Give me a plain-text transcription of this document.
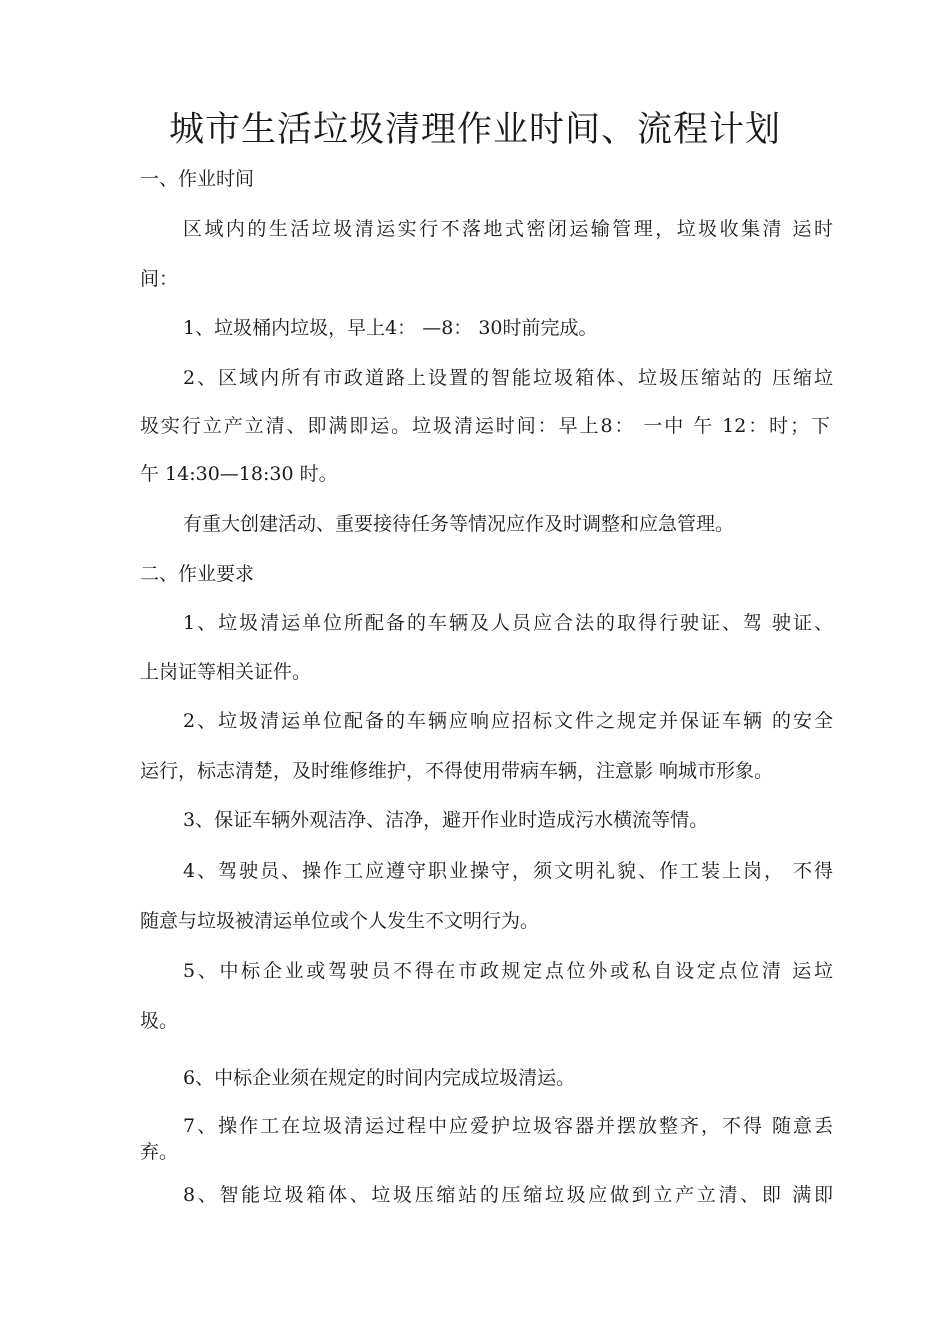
城市生活垃圾清理作业时间、流程计划
一、作业时间
区域内的生活垃圾清运实行不落地式密闭运输管理，垃圾收集清 运时
间：
1、垃圾桶内垃圾，早上4： —8： 30时前完成。
2、区域内所有市政道路上设置的智能垃圾箱体、垃圾压缩站的 压缩垃
圾实行立产立清、即满即运。垃圾清运时间：早上8： 一中 午 12：时；下
午 14:30—18:30 时。
有重大创建活动、重要接待任务等情况应作及时调整和应急管理。
二、作业要求
1、垃圾清运单位所配备的车辆及人员应合法的取得行驶证、驾 驶证、
上岗证等相关证件。
2、垃圾清运单位配备的车辆应响应招标文件之规定并保证车辆 的安全
运行，标志清楚，及时维修维护，不得使用带病车辆，注意影 响城市形象。
3、保证车辆外观洁净、洁净，避开作业时造成污水横流等情。
4、驾驶员、操作工应遵守职业操守，须文明礼貌、作工装上岗， 不得
随意与垃圾被清运单位或个人发生不文明行为。
5、中标企业或驾驶员不得在市政规定点位外或私自设定点位清 运垃
圾。
6、中标企业须在规定的时间内完成垃圾清运。
7、操作工在垃圾清运过程中应爱护垃圾容器并摆放整齐，不得 随意丢
弃。
8、智能垃圾箱体、垃圾压缩站的压缩垃圾应做到立产立清、即 满即
